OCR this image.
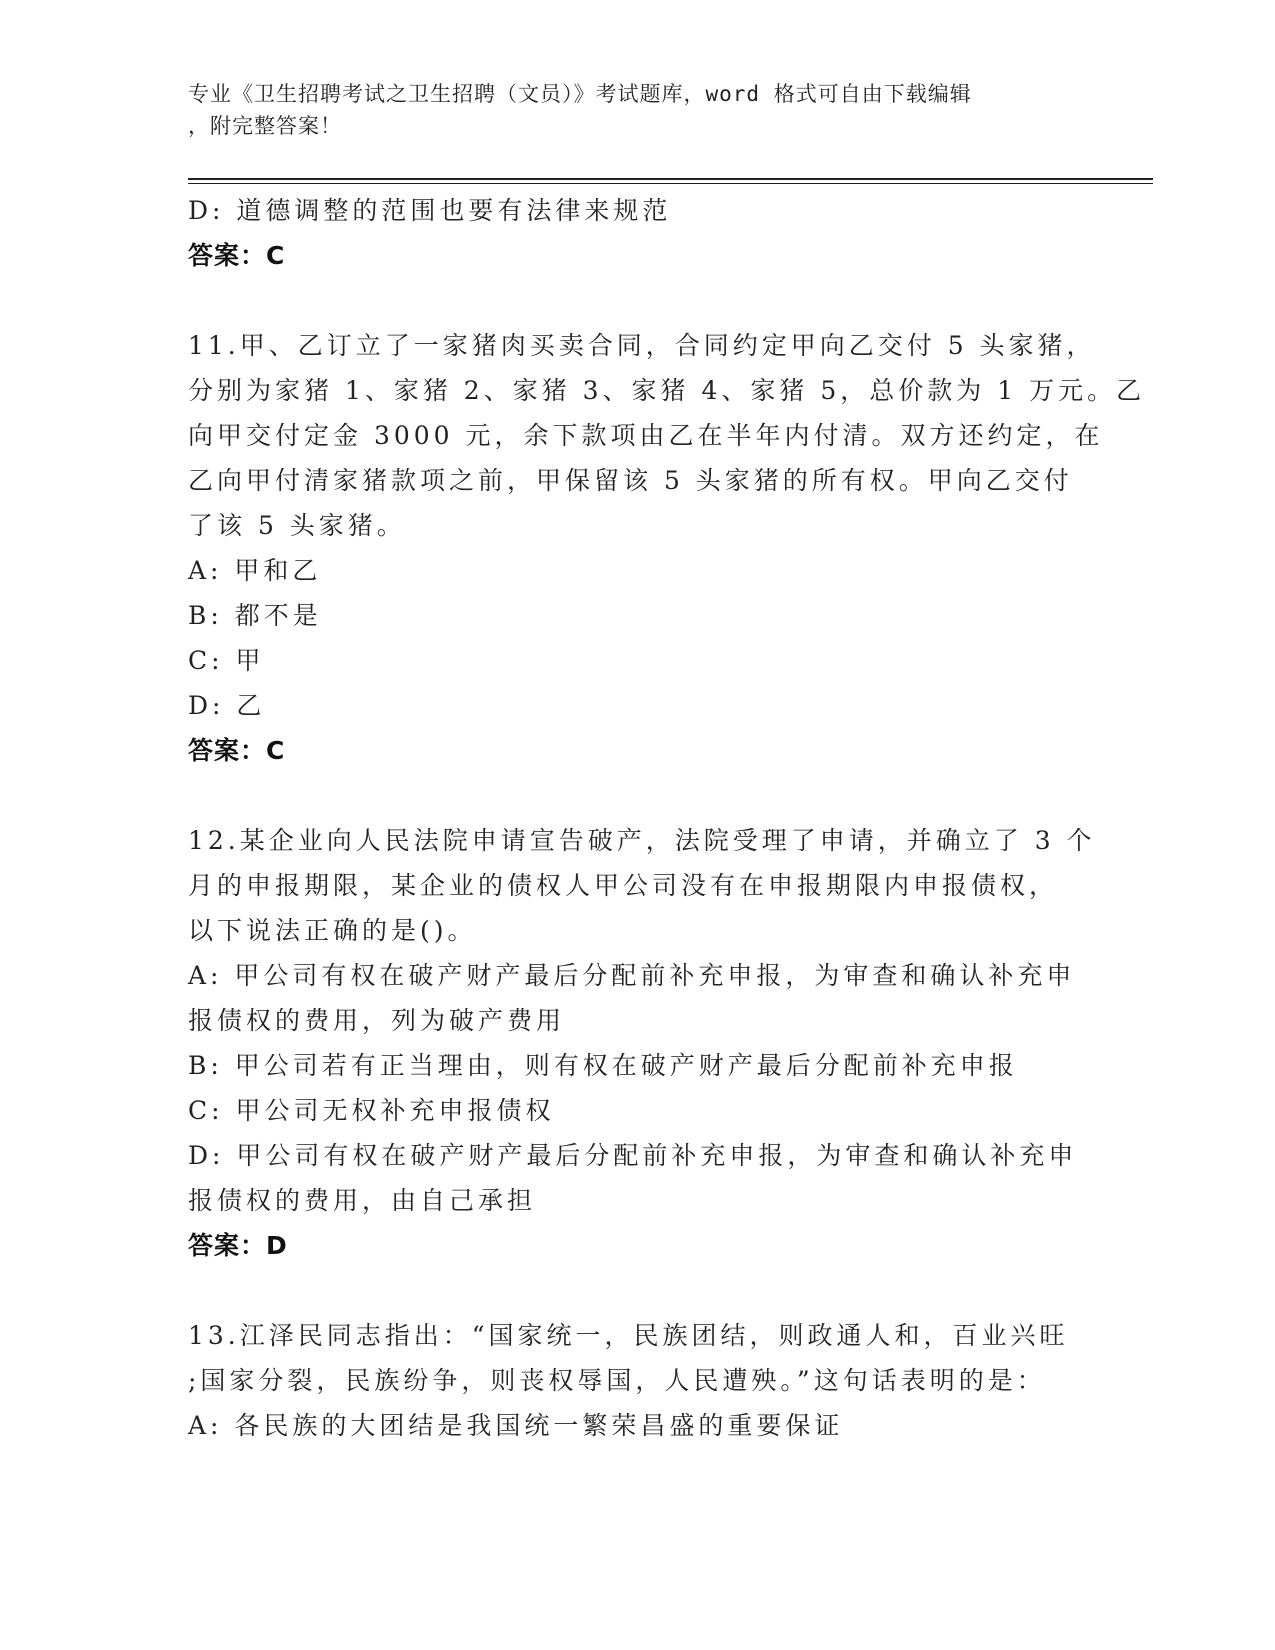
专业《卫生招聘考试之卫生招聘（文员）》考试题库，word 格式可自由下载编辑
，附完整答案！
D: 道德调整的范围也要有法律来规范
答案：C
11.甲、乙订立了一家猪肉买卖合同，合同约定甲向乙交付 5 头家猪，
分别为家猪 1、家猪 2、家猪 3、家猪 4、家猪 5，总价款为 1 万元。乙
向甲交付定金 3000 元，余下款项由乙在半年内付清。双方还约定，在
乙向甲付清家猪款项之前，甲保留该 5 头家猪的所有权。甲向乙交付
了该 5 头家猪。
A: 甲和乙
B: 都不是
C: 甲
D: 乙
答案：C
12.某企业向人民法院申请宣告破产，法院受理了申请，并确立了 3 个
月的申报期限，某企业的债权人甲公司没有在申报期限内申报债权，
以下说法正确的是()。
A: 甲公司有权在破产财产最后分配前补充申报，为审查和确认补充申
报债权的费用，列为破产费用
B: 甲公司若有正当理由，则有权在破产财产最后分配前补充申报
C: 甲公司无权补充申报债权
D: 甲公司有权在破产财产最后分配前补充申报，为审查和确认补充申
报债权的费用，由自己承担
答案：D
13.江泽民同志指出：“国家统一，民族团结，则政通人和，百业兴旺
;国家分裂，民族纷争，则丧权辱国，人民遭殃。”这句话表明的是：
A: 各民族的大团结是我国统一繁荣昌盛的重要保证
